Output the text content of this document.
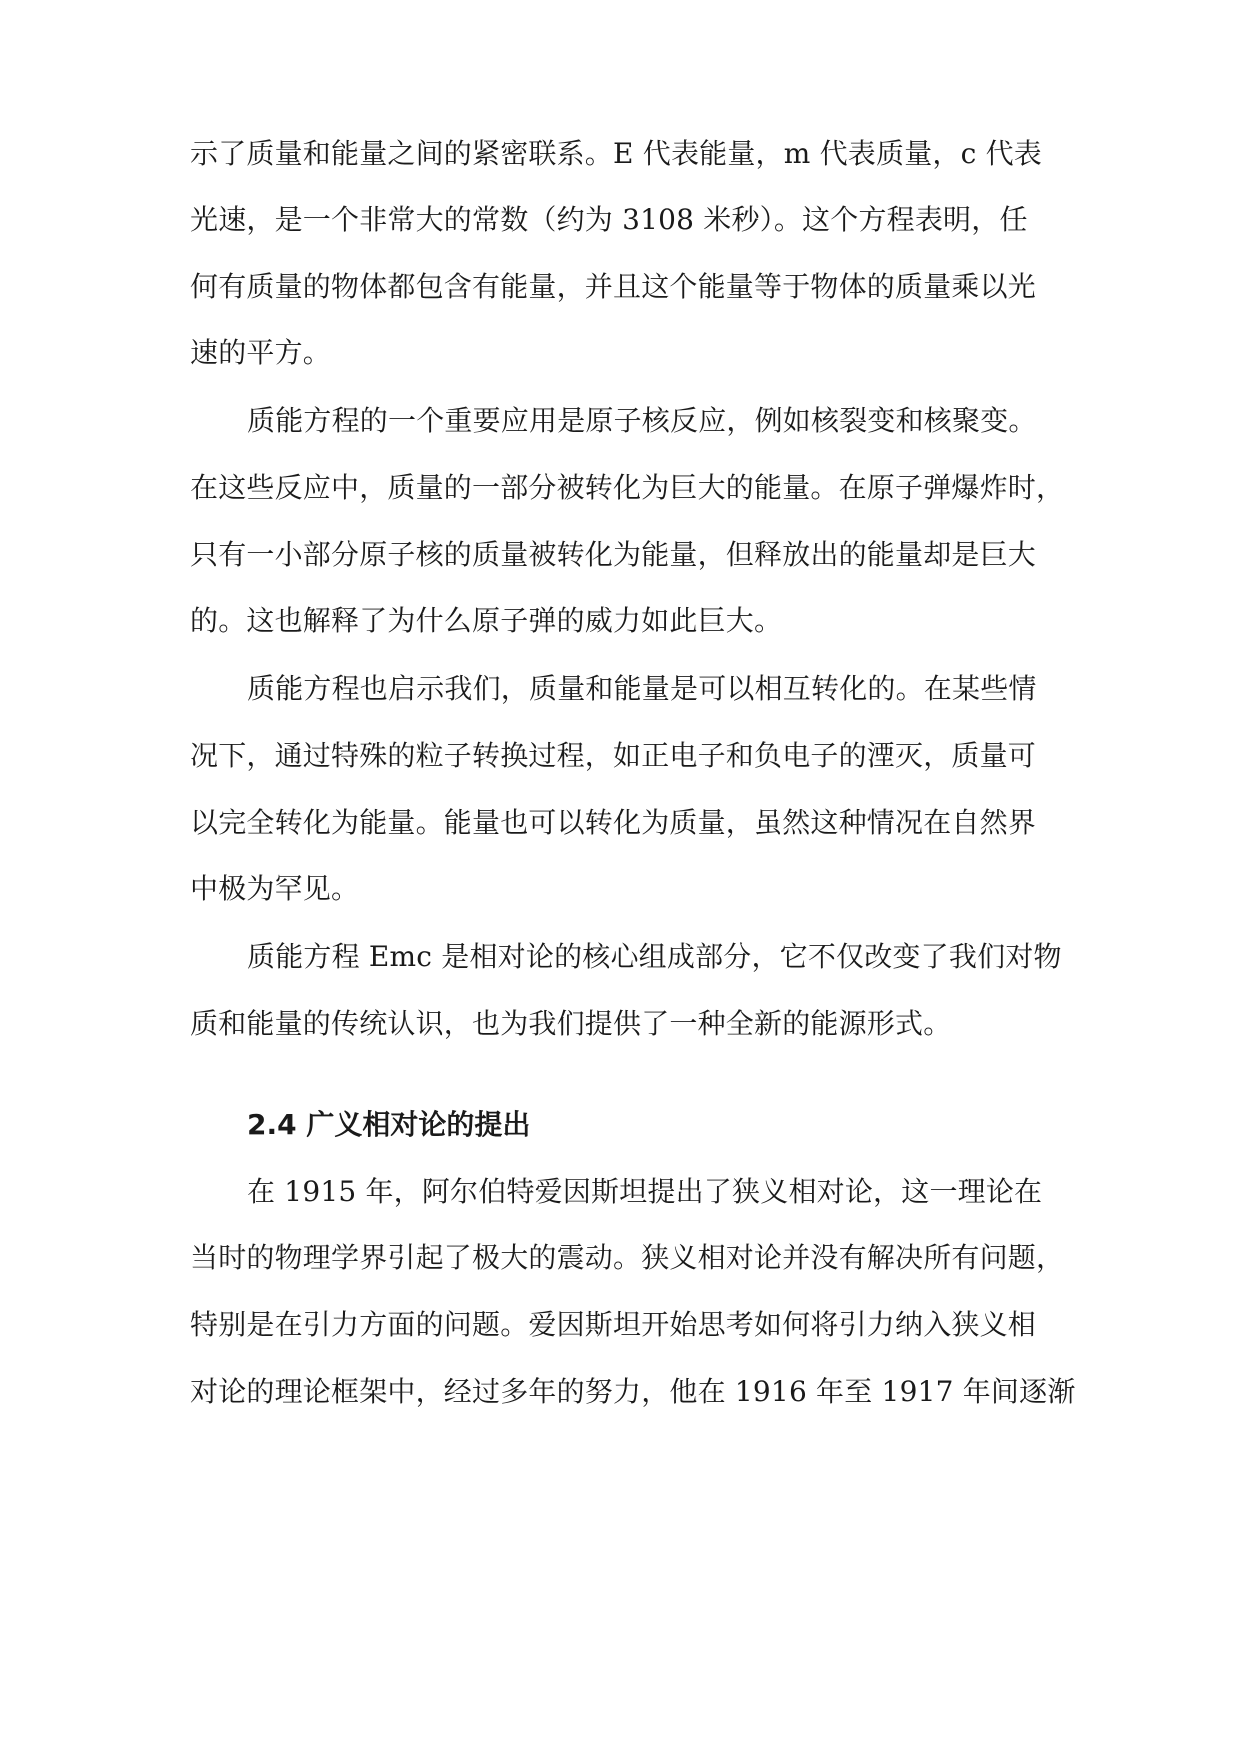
示了质量和能量之间的紧密联系。E 代表能量，m 代表质量，c 代表
光速，是一个非常大的常数（约为 3108 米秒）。这个方程表明，任
何有质量的物体都包含有能量，并且这个能量等于物体的质量乘以光
速的平方。
质能方程的一个重要应用是原子核反应，例如核裂变和核聚变。
在这些反应中，质量的一部分被转化为巨大的能量。在原子弹爆炸时，
只有一小部分原子核的质量被转化为能量，但释放出的能量却是巨大
的。这也解释了为什么原子弹的威力如此巨大。
质能方程也启示我们，质量和能量是可以相互转化的。在某些情
况下，通过特殊的粒子转换过程，如正电子和负电子的湮灭，质量可
以完全转化为能量。能量也可以转化为质量，虽然这种情况在自然界
中极为罕见。
质能方程 Emc 是相对论的核心组成部分，它不仅改变了我们对物
质和能量的传统认识，也为我们提供了一种全新的能源形式。
2.4 广义相对论的提出
在 1915 年，阿尔伯特爱因斯坦提出了狭义相对论，这一理论在
当时的物理学界引起了极大的震动。狭义相对论并没有解决所有问题，
特别是在引力方面的问题。爱因斯坦开始思考如何将引力纳入狭义相
对论的理论框架中，经过多年的努力，他在 1916 年至 1917 年间逐渐
